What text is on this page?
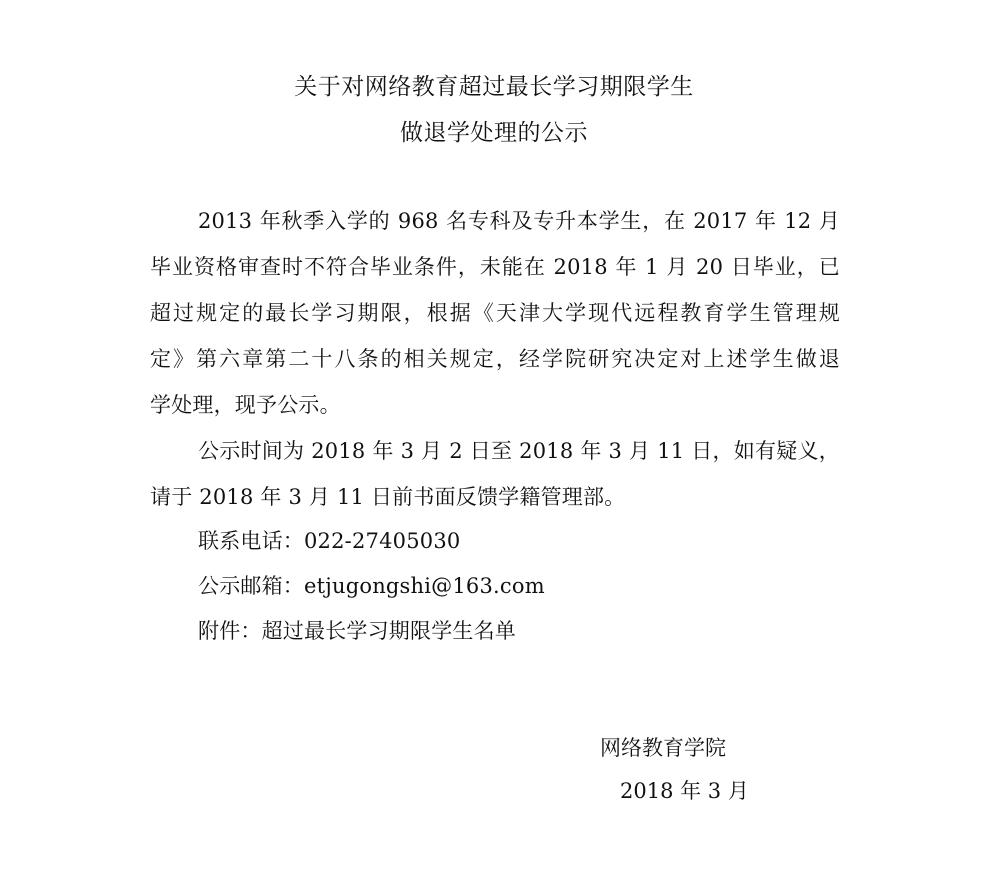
关于对网络教育超过最长学习期限学生
做退学处理的公示
2013 年秋季入学的 968 名专科及专升本学生，在 2017 年 12 月
毕业资格审查时不符合毕业条件，未能在 2018 年 1 月 20 日毕业，已
超过规定的最长学习期限，根据《天津大学现代远程教育学生管理规
定》第六章第二十八条的相关规定，经学院研究决定对上述学生做退
学处理，现予公示。
公示时间为 2018 年 3 月 2 日至 2018 年 3 月 11 日，如有疑义，
请于 2018 年 3 月 11 日前书面反馈学籍管理部。
联系电话：022-27405030
公示邮箱：etjugongshi@163.com
附件：超过最长学习期限学生名单
网络教育学院
2018 年 3 月
